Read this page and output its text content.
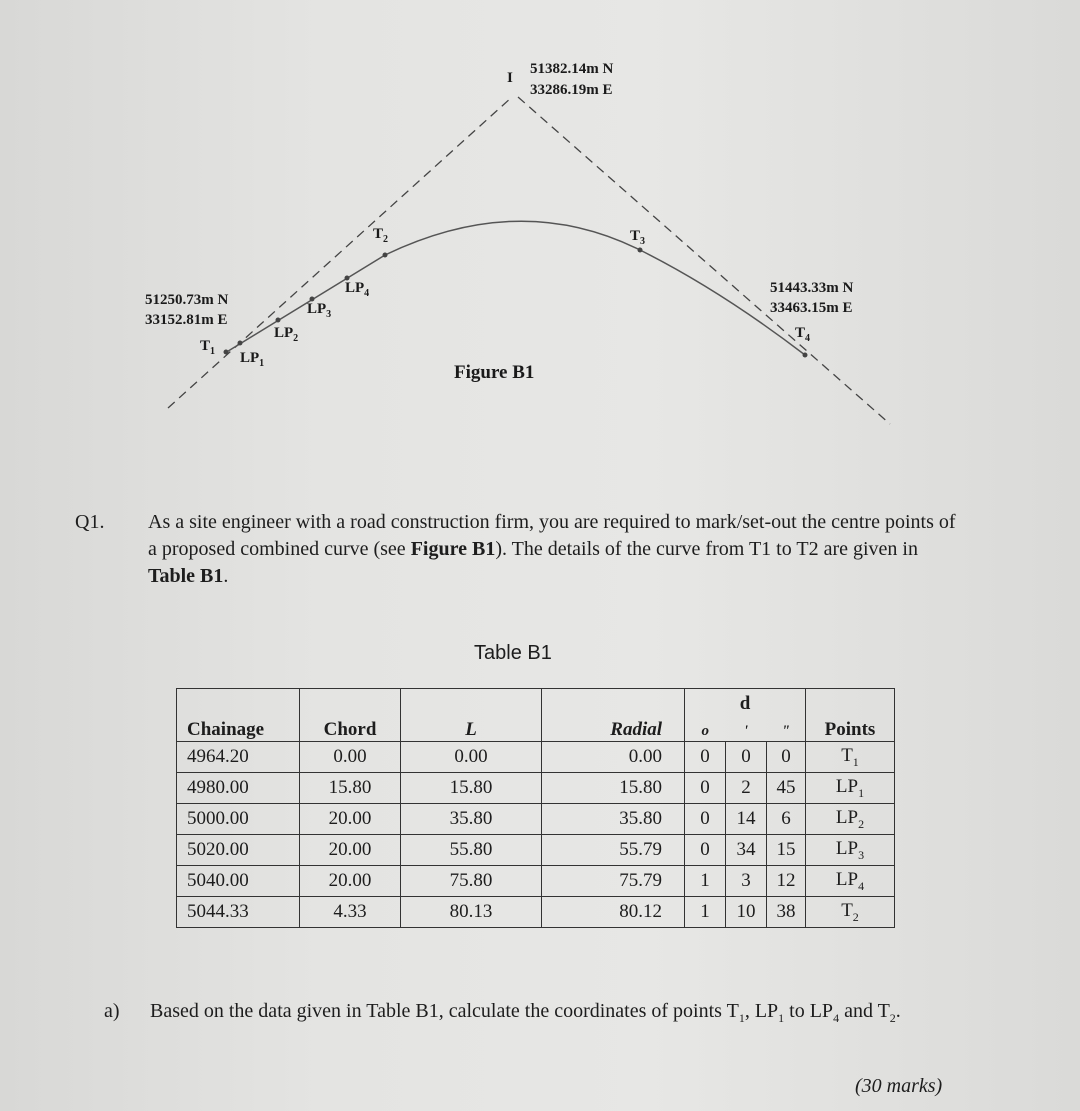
I
51382.14m N
33286.19m E
51250.73m N
33152.81m E
51443.33m N
33463.15m E
$T_1$ $LP_1$
$LP_2$
$LP_3$
$LP_4$
$T_2$	$T_3$
$T_4$
Figure B1
Q1. As a site engineer with a road construction firm, you are required to mark/set-out the centre points of a proposed combined curve (see Figure B1). The details of the curve from T1 to T2 are given in Table B1.
Table B1
Chainage	Chord	L	Radial	d			Points
				o	'	"	
4964.20	0.00	0.00	0.00	0	0	0	$T_1$
4980.00	15.80	15.80	15.80	0	2	45	$LP_1$
5000.00	20.00	35.80	35.80	0	14	6	$LP_2$
5020.00	20.00	55.80	55.79	0	34	15	$LP_3$
5040.00	20.00	75.80	75.79	1	3	12	$LP_4$
5044.33	4.33	80.13	80.12	1	10	38	$T_2$
a) Based on the data given in Table B1, calculate the coordinates of points $T_1$, $LP_1$ to $LP_4$ and $T_2$.
(30 marks)
